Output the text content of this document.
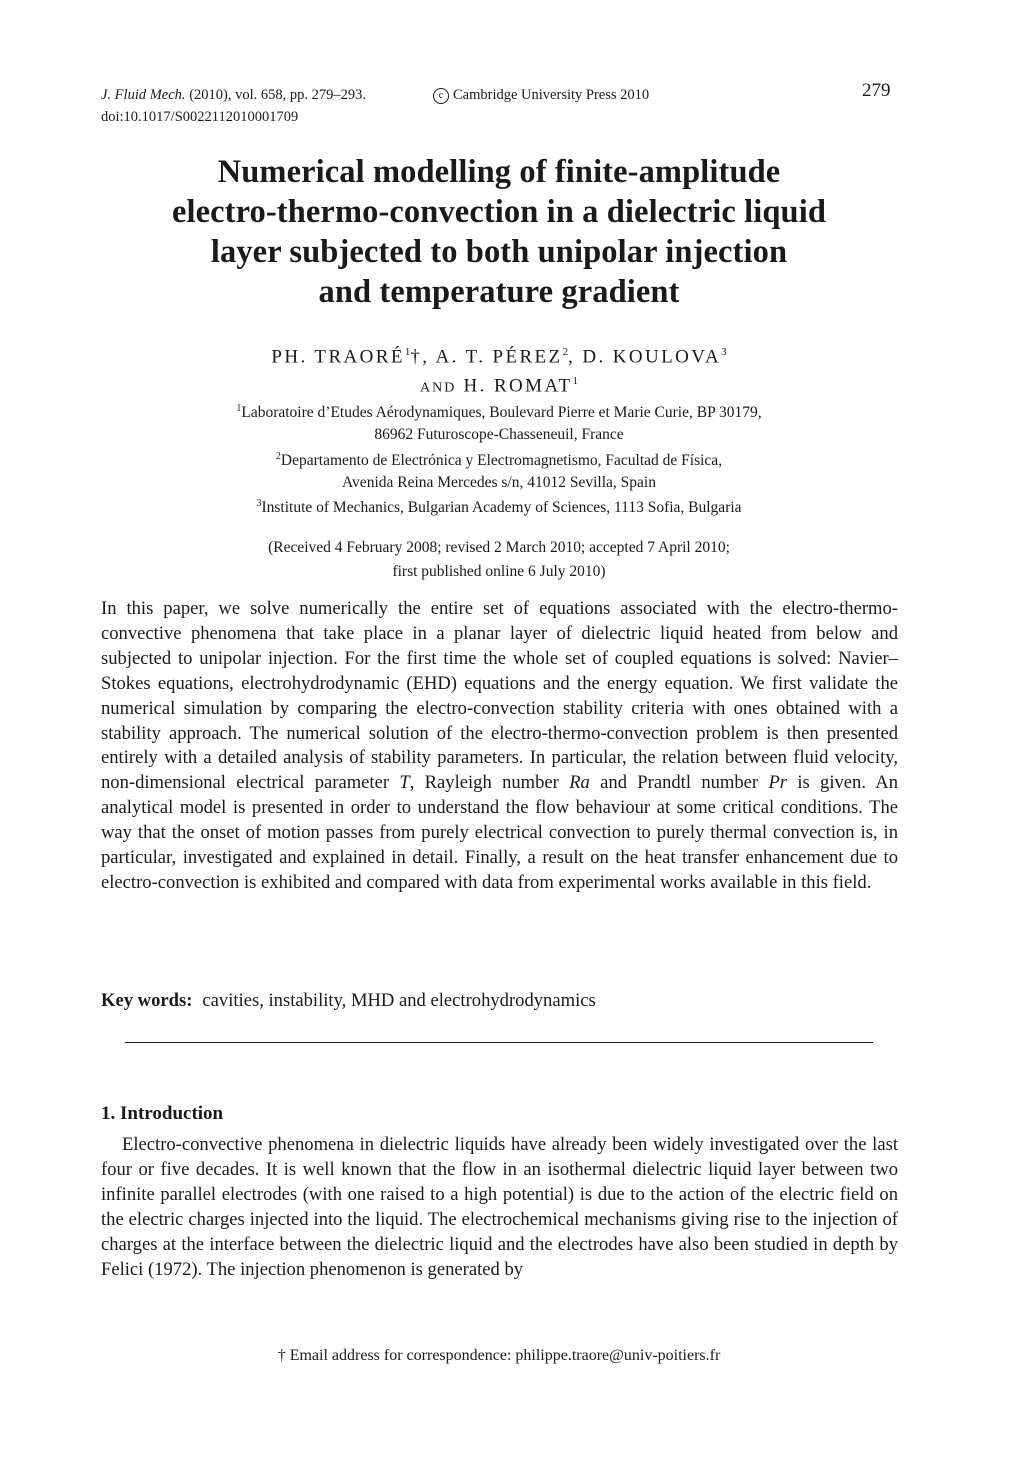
J. Fluid Mech. (2010), vol. 658, pp. 279–293.	c Cambridge University Press 2010
doi:10.1017/S0022112010001709
279
Numerical modelling of finite-amplitude
electro-thermo-convection in a dielectric liquid
layer subjected to both unipolar injection
and temperature gradient
PH. TRAORÉ$^1$†, A. T. PÉREZ$^2$, D. KOULOVA$^3$
AND H. ROMAT$^1$
$^1$Laboratoire d’Etudes Aérodynamiques, Boulevard Pierre et Marie Curie, BP 30179,
86962 Futuroscope-Chasseneuil, France
$^2$Departamento de Electrónica y Electromagnetismo, Facultad de Física,
Avenida Reina Mercedes s/n, 41012 Sevilla, Spain
$^3$Institute of Mechanics, Bulgarian Academy of Sciences, 1113 Sofia, Bulgaria
(Received 4 February 2008; revised 2 March 2010; accepted 7 April 2010;
first published online 6 July 2010)
In this paper, we solve numerically the entire set of equations associated with the electro-thermo-convective phenomena that take place in a planar layer of dielectric liquid heated from below and subjected to unipolar injection. For the first time the whole set of coupled equations is solved: Navier–Stokes equations, electrohydrodynamic (EHD) equations and the energy equation. We first validate the numerical simulation by comparing the electro-convection stability criteria with ones obtained with a stability approach. The numerical solution of the electro-thermo-convection problem is then presented entirely with a detailed analysis of stability parameters. In particular, the relation between fluid velocity, non-dimensional electrical parameter T, Rayleigh number Ra and Prandtl number Pr is given. An analytical model is presented in order to understand the flow behaviour at some critical conditions. The way that the onset of motion passes from purely electrical convection to purely thermal convection is, in particular, investigated and explained in detail. Finally, a result on the heat transfer enhancement due to electro-convection is exhibited and compared with data from experimental works available in this field.
Key words: cavities, instability, MHD and electrohydrodynamics
1. Introduction
Electro-convective phenomena in dielectric liquids have already been widely investigated over the last four or five decades. It is well known that the flow in an isothermal dielectric liquid layer between two infinite parallel electrodes (with one raised to a high potential) is due to the action of the electric field on the electric charges injected into the liquid. The electrochemical mechanisms giving rise to the injection of charges at the interface between the dielectric liquid and the electrodes have also been studied in depth by Felici (1972). The injection phenomenon is generated by
† Email address for correspondence: philippe.traore@univ-poitiers.fr
